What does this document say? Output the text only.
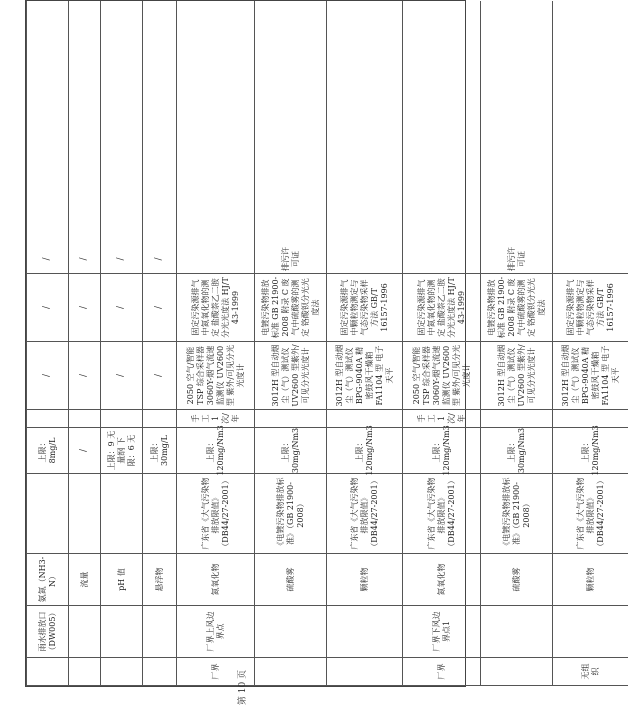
雨水排放口（DW005）
氨氮（NH3-N）
上限：8mg/L
/
/
/
流量
/
/
/
/
pH 值
上限：9 无量纲 下限：6 无
/
/
/
悬浮物
上限：30mg/L
/
/
/
厂界
厂界上风边界点
氮氧化物
广东省《大气污染物排放限值》（DB44/27-2001）
上限：120mg/Nm3
手工 1次/年
2050 空气/智能 TSP 综合采样器 3060Y-烟气流速监测仪 UV2600 型 紫外/可见分光光度计
固定污染源排气中氮氧化物的测定 盐酸萘乙二胺分光光度法 HJ/T 43-1999
硫酸雾
《电镀污染物排放标准》（GB 21900-2008）
上限：30mg/Nm3
3012H 型自动烟尘（气）测试仪 UV2600 型紫外/可见分光光度计
电镀污染物排放标准 GB 21900-2008 附录 C 废气中硫酸雾的测定 铬酸钡分光光度法
排污许可证
颗粒物
广东省《大气污染物排放限值》（DB44/27-2001）
上限：120mg/Nm3
3012H 型自动烟尘（气）测试仪 BPG-9040A 精密鼓风干燥箱 FA1104 型 电子天平
固定污染源排气中颗粒物测定与气态污染物采样方法 GB/T 16157-1996
厂界
厂界下风边界点1
氮氧化物
广东省《大气污染物排放限值》（DB44/27-2001）
上限：120mg/Nm3
手工 1次/年
2050 空气/智能 TSP 综合采样器 3060Y-烟气流速监测仪 UV2600 型 紫外/可见分光光度计
固定污染源排气中氮氧化物的测定 盐酸萘乙二胺分光光度法 HJ/T 43-1999
硫酸雾
《电镀污染物排放标准》（GB 21900-2008）
上限：30mg/Nm3
3012H 型自动烟尘（气）测试仪 UV2600 型紫外/可见分光光度计
电镀污染物排放标准 GB 21900-2008 附录 C 废气中硫酸雾的测定 铬酸钡分光光度法
排污许可证
无组织
颗粒物
广东省《大气污染物排放限值》（DB44/27-2001）
上限：120mg/Nm3
3012H 型自动烟尘（气）测试仪 BPG-9040A 精密鼓风干燥箱 FA1104 型 电子天平
固定污染源排气中颗粒物测定与气态污染物采样方法 GB/T 16157-1996
第 10 页
